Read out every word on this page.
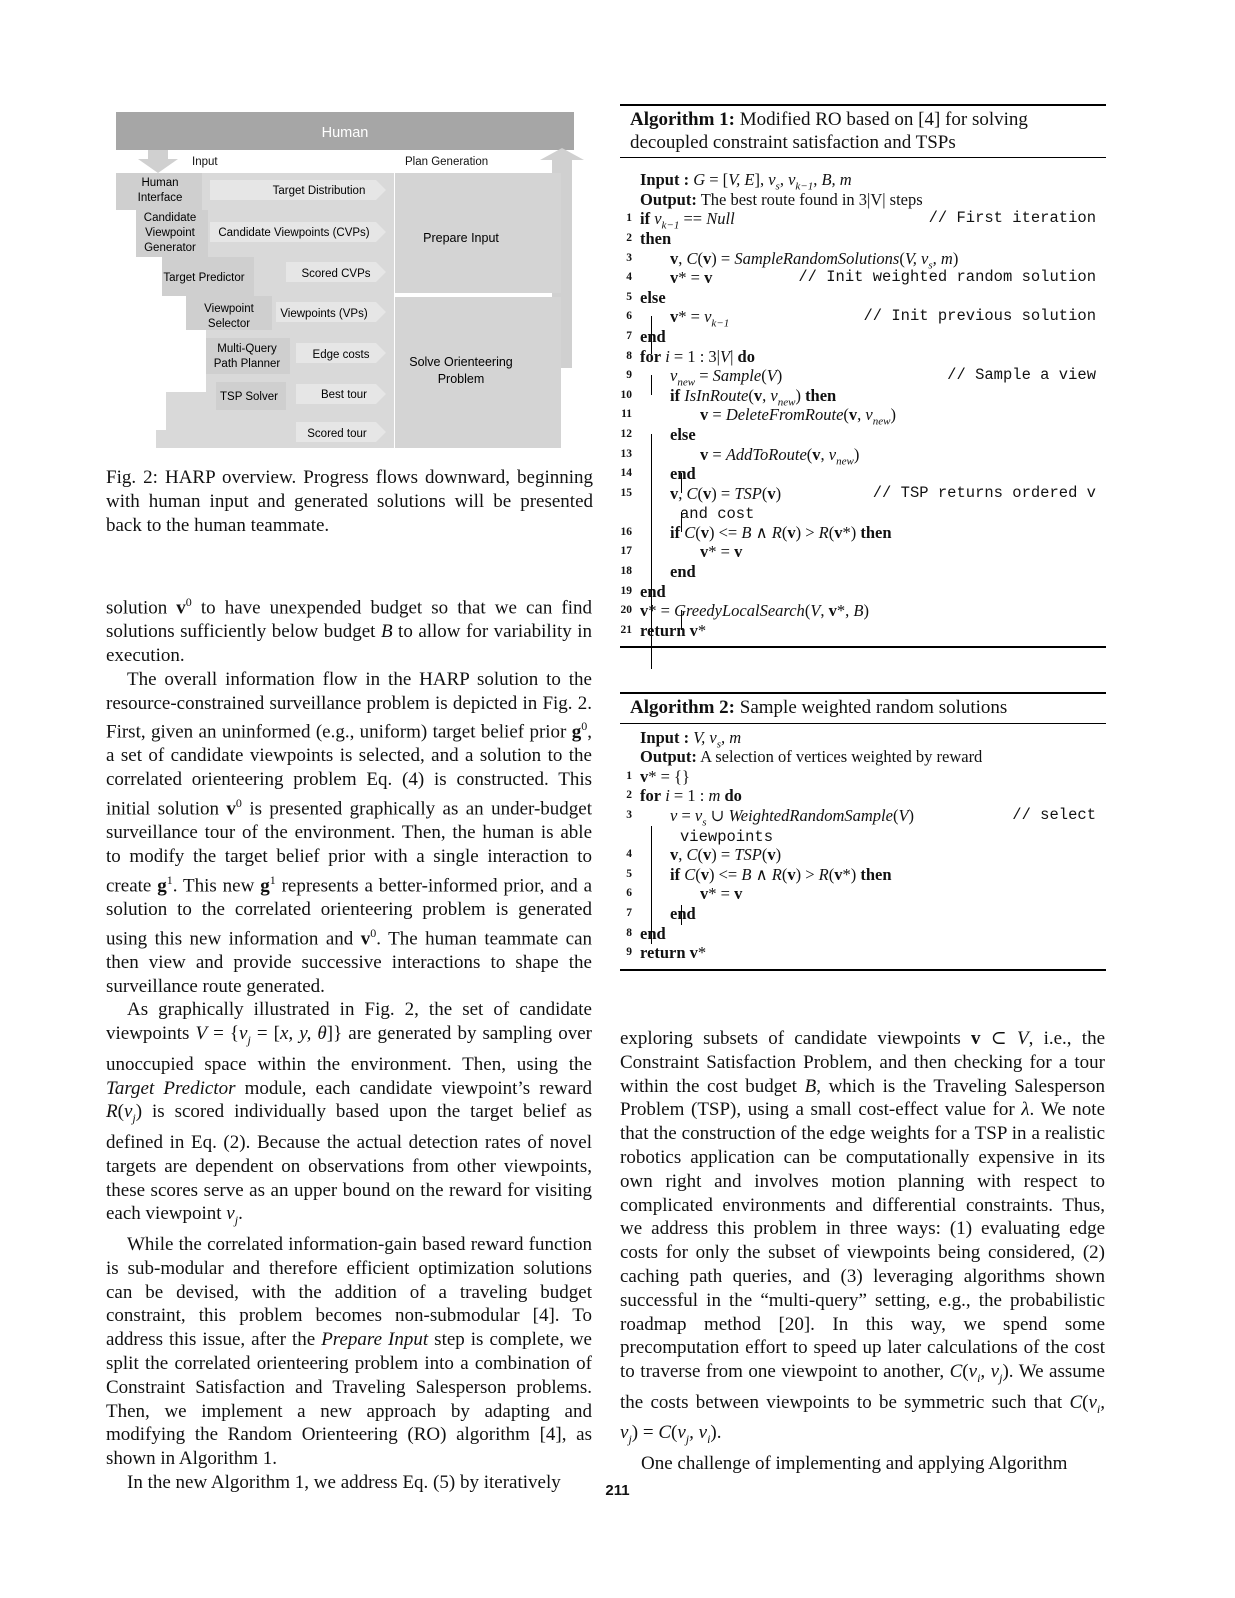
Human
Input	Plan Generation
Human
Interface
Target Distribution
Candidate
Viewpoint
Generator
Candidate Viewpoints (CVPs)	Prepare Input
Target Predictor	Scored CVPs
Viewpoint
Selector
Viewpoints (VPs)
Multi-Query
Path Planner
Edge costs	Solve Orienteering
Problem
TSP Solver	Best tour
Scored tour
Fig. 2: HARP overview. Progress flows downward, beginning with human input and generated solutions will be presented back to the human teammate.

solution $v^0$ to have unexpended budget so that we can find solutions sufficiently below budget B to allow for variability in execution.

The overall information flow in the HARP solution to the resource-constrained surveillance problem is depicted in Fig. 2. First, given an uninformed (e.g., uniform) target belief prior $g^0$, a set of candidate viewpoints is selected, and a solution to the correlated orienteering problem Eq. (4) is constructed. This initial solution $v^0$ is presented graphically as an under-budget surveillance tour of the environment. Then, the human is able to modify the target belief prior with a single interaction to create $g^1$. This new $g^1$ represents a better-informed prior, and a solution to the correlated orienteering problem is generated using this new information and $v^0$. The human teammate can then view and provide successive interactions to shape the surveillance route generated.

As graphically illustrated in Fig. 2, the set of candidate viewpoints $V = \{v_j = [x$, y, θ]} are generated by sampling over unoccupied space within the environment. Then, using the Target Predictor module, each candidate viewpoint’s reward $R(v_j)$ is scored individually based upon the target belief as defined in Eq. (2). Because the actual detection rates of novel targets are dependent on observations from other viewpoints, these scores serve as an upper bound on the reward for visiting each viewpoint $v_j$.

While the correlated information-gain based reward function is sub-modular and therefore efficient optimization solutions can be devised, with the addition of a traveling budget constraint, this problem becomes non-submodular [4]. To address this issue, after the Prepare Input step is complete, we split the correlated orienteering problem into a combination of Constraint Satisfaction and Traveling Salesperson problems. Then, we implement a new approach by adapting and modifying the Random Orienteering (RO) algorithm [4], as shown in Algorithm 1.

In the new Algorithm 1, we address Eq. (5) by iteratively

Algorithm 1: Modified RO based on [4] for solving decoupled constraint satisfaction and TSPs
Input : G = [V, E], $v_s$, $v_{k-1}$, B, m
Output: The best route found in 3|V| steps
1 if $v_{k-1}$ == Null	// First iteration
2 then
3 v, C(v) = SampleRandomSolutions(V, $v_s$, m)
4 v* = v	// Init weighted random solution
5 else
6 $v* = v_{k-1}$	// Init previous solution
7 end
8 for i = 1 : 3|V| do
9 $v_{new}$ = Sample(V)	// Sample a view
10 if IsInRoute(v, $v_{new}$) then
11	v = DeleteFromRoute(v, $v_{new}$)
12 else
13	v = AddToRoute(v, $v_{new}$)
14 end
15 v, C(v) = TSP(v)	// TSP returns ordered v
and cost
16 if C(v) <= B ∧ R(v) > R(v*) then
17	v* = v
18 end
19 end
20 v* = GreedyLocalSearch(V, v*, B)
21 return v*
Algorithm 2: Sample weighted random solutions
Input : V, $v_s$, m
Output: A selection of vertices weighted by reward
1 v* = {}
2 for i = 1 : m do
3 $v = v_s$ ∪ WeightedRandomSample(V)	// select
viewpoints
4 v, C(v) = TSP(v)
5 if C(v) <= B ∧ R(v) > R(v*) then
6	v* = v
7 end
8 end
9 return v*

exploring subsets of candidate viewpoints v ⊂ V, i.e., the Constraint Satisfaction Problem, and then checking for a tour within the cost budget B, which is the Traveling Salesperson Problem (TSP), using a small cost-effect value for λ. We note that the construction of the edge weights for a TSP in a realistic robotics application can be computationally expensive in its own right and involves motion planning with respect to complicated environments and differential constraints. Thus, we address this problem in three ways: (1) evaluating edge costs for only the subset of viewpoints being considered, (2) caching path queries, and (3) leveraging algorithms shown successful in the “multi-query” setting, e.g., the probabilistic roadmap method [20]. In this way, we spend some precomputation effort to speed up later calculations of the cost to traverse from one viewpoint to another, $C(v_i$, $v_j$). We assume the costs between viewpoints to be symmetric such that $C(v_i$, $v_j) = C(v_j$, $v_i$).

One challenge of implementing and applying Algorithm

211
